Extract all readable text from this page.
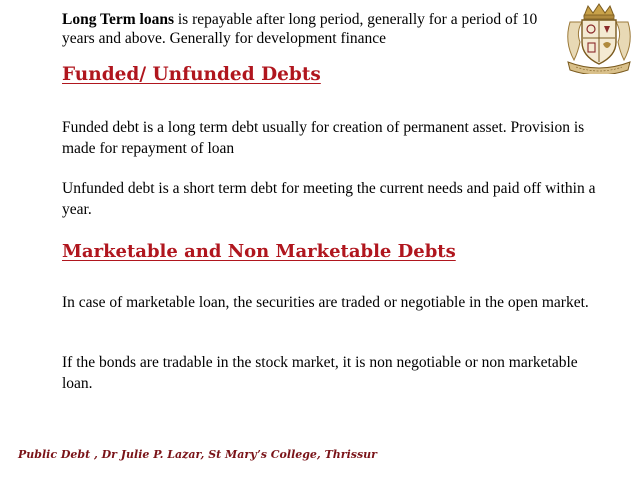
Long Term loans is repayable after long period, generally for a period of 10 years and above. Generally for development finance
Funded/ Unfunded Debts
Funded debt is a long term debt usually for creation of permanent asset. Provision is made for repayment of loan
Unfunded debt is a short term debt for meeting the current needs and paid off within a year.
Marketable and Non Marketable Debts
In case of marketable loan, the securities are traded or negotiable in the open market.
If the bonds are tradable in the stock market, it is non negotiable or non marketable loan.
Public Debt , Dr Julie P. Lazar, St Mary’s College, Thrissur
